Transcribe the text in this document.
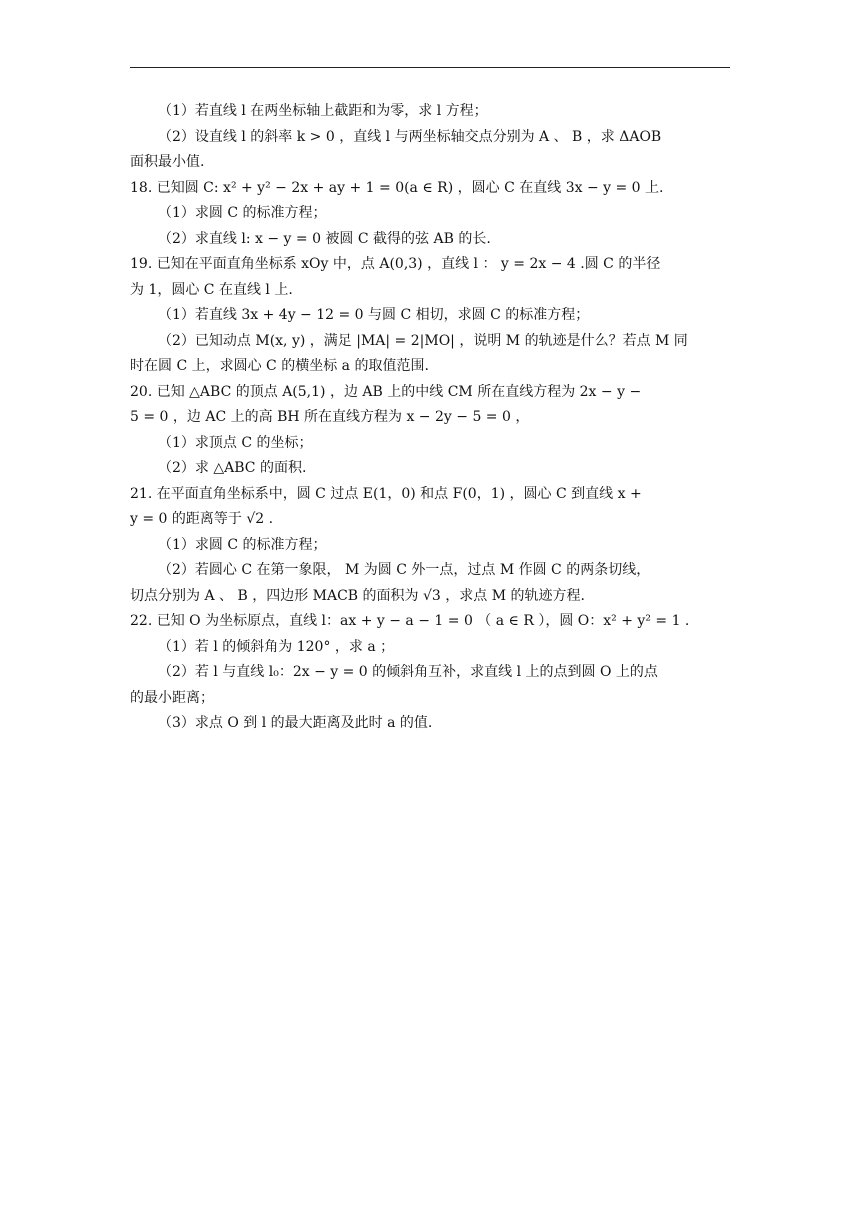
（1）若直线 l 在两坐标轴上截距和为零，求 l 方程；
（2）设直线 l 的斜率 k > 0 ，直线 l 与两坐标轴交点分别为 A 、 B ，求 ΔAOB
面积最小值.
18. 已知圆 C: x² + y² − 2x + ay + 1 = 0(a ∈ R) ，圆心 C 在直线 3x − y = 0 上.
（1）求圆 C 的标准方程；
（2）求直线 l: x − y = 0 被圆 C 截得的弦 AB 的长.
19. 已知在平面直角坐标系 xOy 中，点 A(0,3) ，直线 l ： y = 2x − 4 .圆 C 的半径
为 1，圆心 C 在直线 l 上.
（1）若直线 3x + 4y − 12 = 0 与圆 C 相切，求圆 C 的标准方程；
（2）已知动点 M(x, y) ，满足 |MA| = 2|MO| ，说明 M 的轨迹是什么？若点 M 同
时在圆 C 上，求圆心 C 的横坐标 a 的取值范围.
20. 已知 △ABC 的顶点 A(5,1) ，边 AB 上的中线 CM 所在直线方程为 2x − y −
5 = 0 ，边 AC 上的高 BH 所在直线方程为 x − 2y − 5 = 0 ，
（1）求顶点 C 的坐标；
（2）求 △ABC 的面积.
21. 在平面直角坐标系中，圆 C 过点 E(1，0) 和点 F(0，1) ，圆心 C 到直线 x +
y = 0 的距离等于 √2 .
（1）求圆 C 的标准方程；
（2）若圆心 C 在第一象限， M 为圆 C 外一点，过点 M 作圆 C 的两条切线，
切点分别为 A 、 B ，四边形 MACB 的面积为 √3 ，求点 M 的轨迹方程.
22. 已知 O 为坐标原点，直线 l：ax + y − a − 1 = 0 （ a ∈ R ），圆 O：x² + y² = 1 .
（1）若 l 的倾斜角为 120° ，求 a ；
（2）若 l 与直线 l₀：2x − y = 0 的倾斜角互补，求直线 l 上的点到圆 O 上的点
的最小距离；
（3）求点 O 到 l 的最大距离及此时 a 的值.
